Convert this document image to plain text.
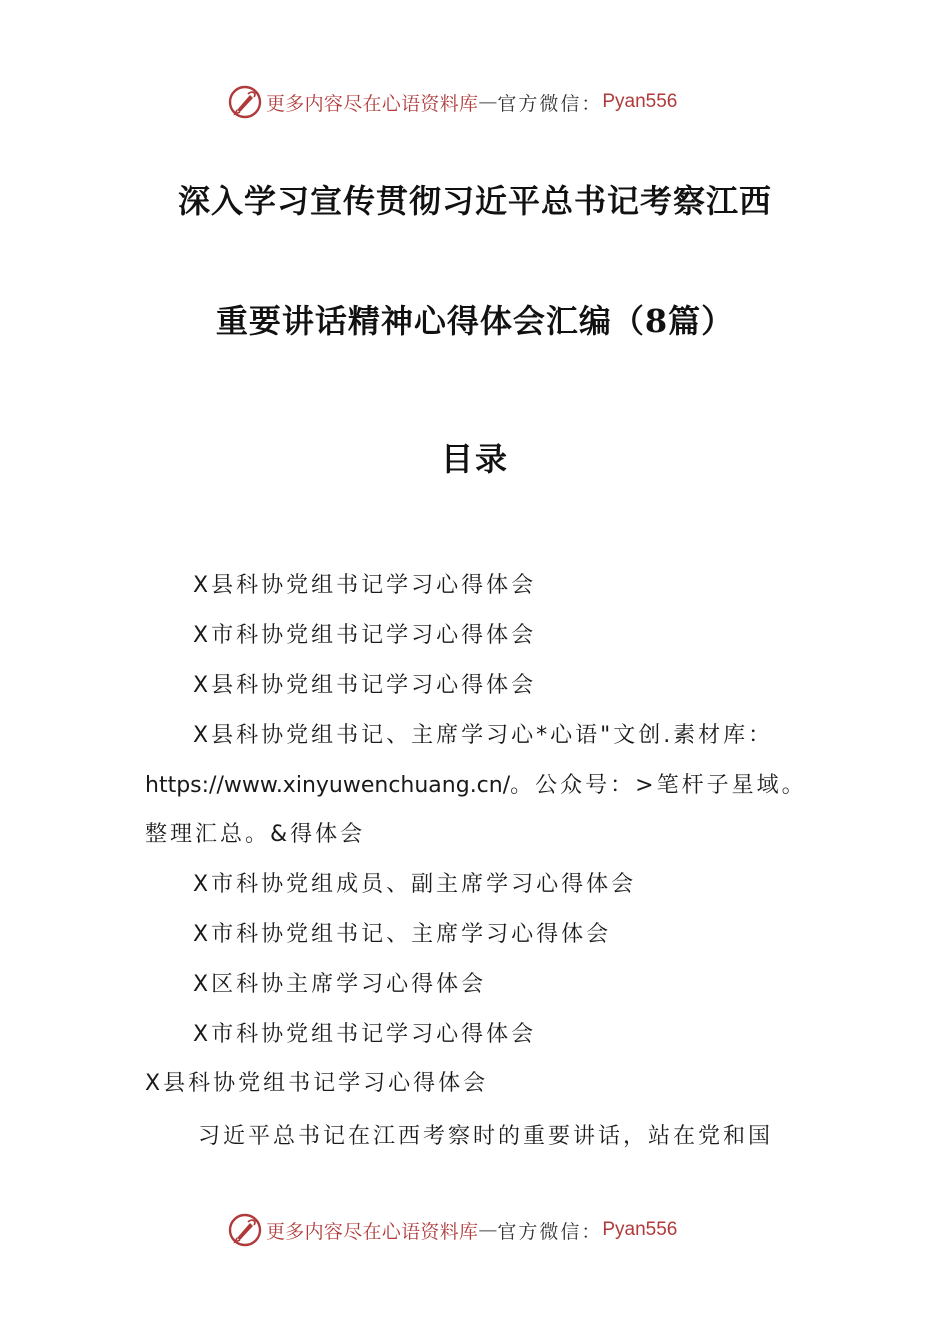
更多内容尽在心语资料库 — 官方微信： Pyan556
深入学习宣传贯彻习近平总书记考察江西
重要讲话精神心得体会汇编（8篇）
目录
X县科协党组书记学习心得体会
X市科协党组书记学习心得体会
X县科协党组书记学习心得体会
X县科协党组书记、主席学习心*心语"文创.素材库：
https://www.xinyuwenchuang.cn/。公众号：>笔杆子星域。
整理汇总。&得体会
X市科协党组成员、副主席学习心得体会
X市科协党组书记、主席学习心得体会
X区科协主席学习心得体会
X市科协党组书记学习心得体会
X县科协党组书记学习心得体会
习近平总书记在江西考察时的重要讲话，站在党和国
更多内容尽在心语资料库 — 官方微信： Pyan556
